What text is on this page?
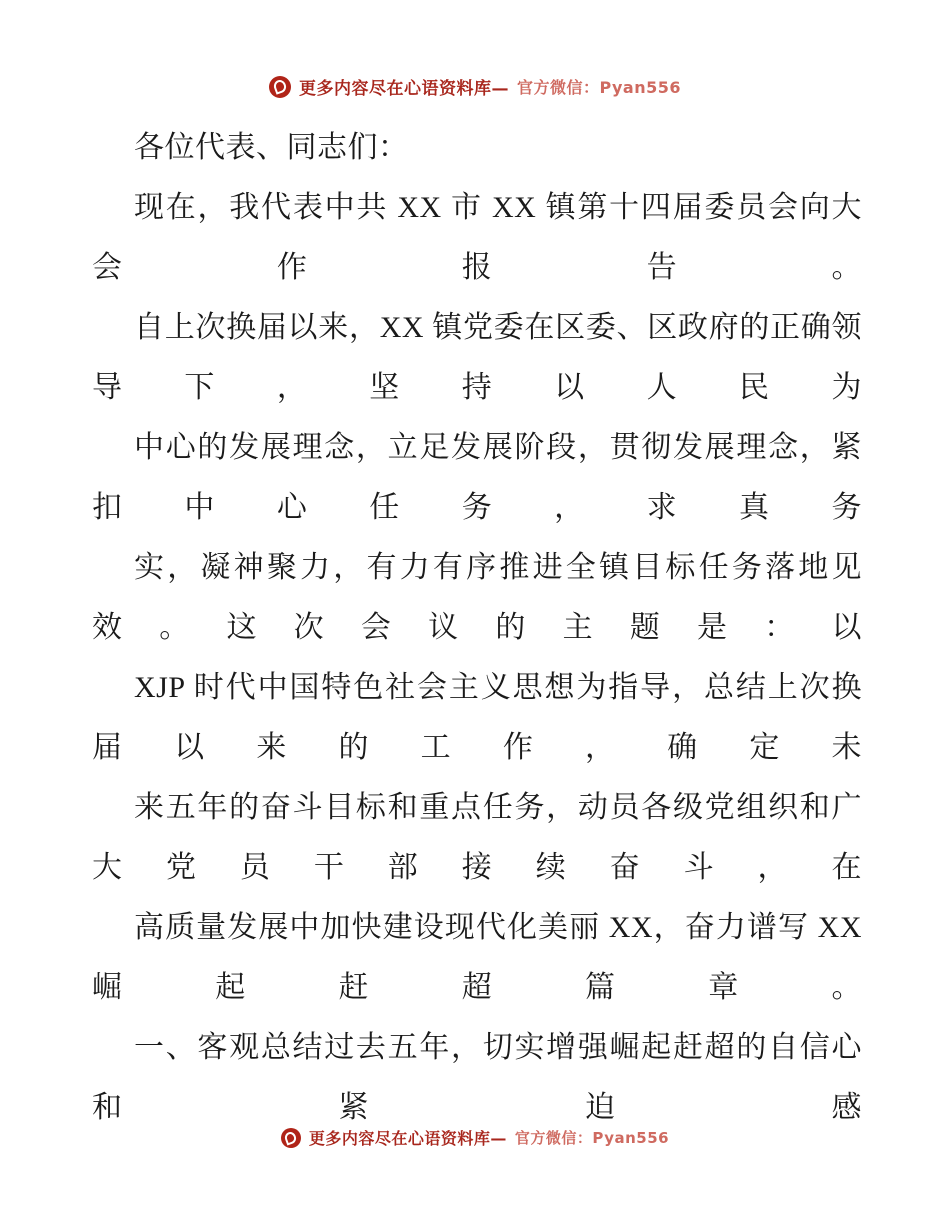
更多内容尽在心语资料库— 官方微信：Pyan556

各位代表、同志们：

现在，我代表中共 XX 市 XX 镇第十四届委员会向大会作报告。

自上次换届以来，XX 镇党委在区委、区政府的正确领导下，坚持以人民为

中心的发展理念，立足发展阶段，贯彻发展理念，紧扣中心任务，求真务

实，凝神聚力，有力有序推进全镇目标任务落地见效。这次会议的主题是：以

XJP 时代中国特色社会主义思想为指导，总结上次换届以来的工作，确定未

来五年的奋斗目标和重点任务，动员各级党组织和广大党员干部接续奋斗，在

高质量发展中加快建设现代化美丽 XX，奋力谱写 XX 崛起赶超篇章。

一、客观总结过去五年，切实增强崛起赶超的自信心和紧迫感

更多内容尽在心语资料库— 官方微信：Pyan556
